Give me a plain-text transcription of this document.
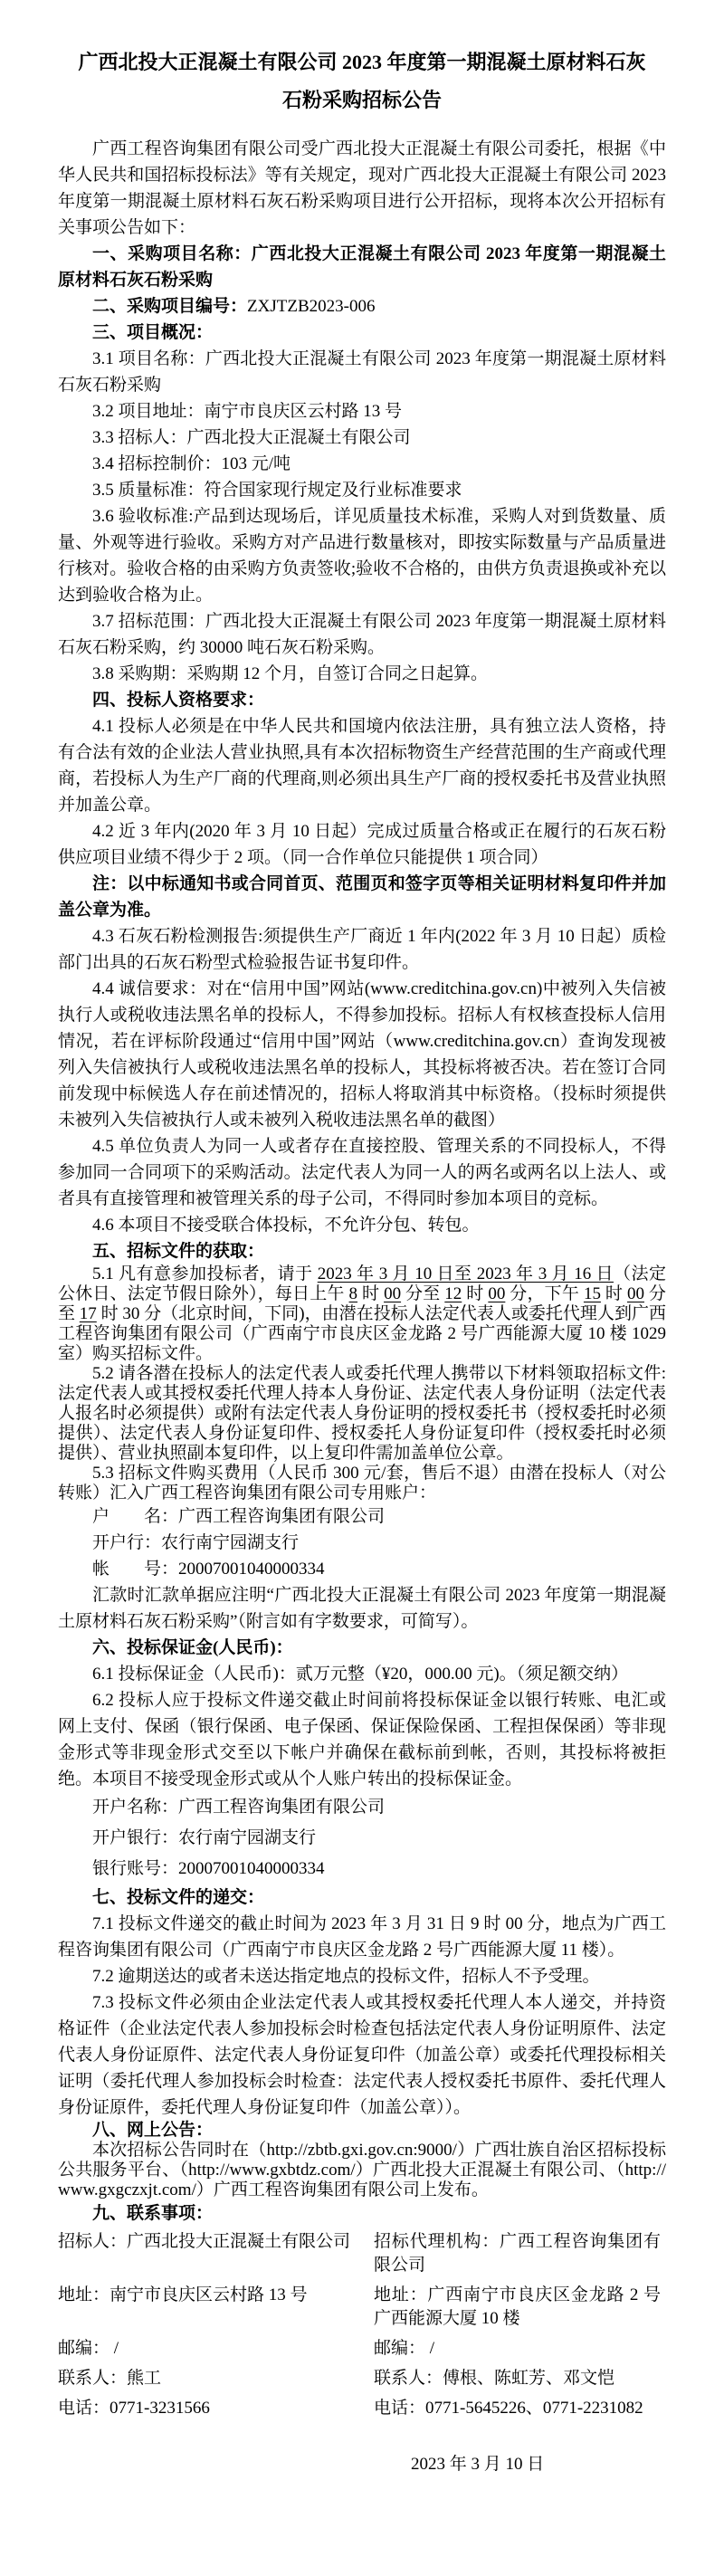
广西北投大正混凝土有限公司 2023 年度第一期混凝土原材料石灰石粉采购招标公告

广西工程咨询集团有限公司受广西北投大正混凝土有限公司委托，根据《中华人民共和国招标投标法》等有关规定，现对广西北投大正混凝土有限公司 2023 年度第一期混凝土原材料石灰石粉采购项目进行公开招标，现将本次公开招标有关事项公告如下：

一、采购项目名称：广西北投大正混凝土有限公司 2023 年度第一期混凝土原材料石灰石粉采购

二、采购项目编号：ZXJTZB2023-006

三、项目概况：

3.1 项目名称：广西北投大正混凝土有限公司 2023 年度第一期混凝土原材料石灰石粉采购

3.2 项目地址：南宁市良庆区云村路 13 号

3.3 招标人：广西北投大正混凝土有限公司

3.4 招标控制价：103 元/吨

3.5 质量标准：符合国家现行规定及行业标准要求

3.6 验收标准:产品到达现场后，详见质量技术标准，采购人对到货数量、质量、外观等进行验收。采购方对产品进行数量核对，即按实际数量与产品质量进行核对。验收合格的由采购方负责签收;验收不合格的，由供方负责退换或补充以达到验收合格为止。

3.7 招标范围：广西北投大正混凝土有限公司 2023 年度第一期混凝土原材料石灰石粉采购，约 30000 吨石灰石粉采购。

3.8 采购期：采购期 12 个月，自签订合同之日起算。

四、投标人资格要求：

4.1 投标人必须是在中华人民共和国境内依法注册，具有独立法人资格，持有合法有效的企业法人营业执照,具有本次招标物资生产经营范围的生产商或代理商，若投标人为生产厂商的代理商,则必须出具生产厂商的授权委托书及营业执照并加盖公章。

4.2 近 3 年内(2020 年 3 月 10 日起）完成过质量合格或正在履行的石灰石粉供应项目业绩不得少于 2 项。（同一合作单位只能提供 1 项合同）

注：以中标通知书或合同首页、范围页和签字页等相关证明材料复印件并加盖公章为准。

4.3 石灰石粉检测报告:须提供生产厂商近 1 年内(2022 年 3 月 10 日起）质检部门出具的石灰石粉型式检验报告证书复印件。

4.4 诚信要求：对在“信用中国”网站(www.creditchina.gov.cn)中被列入失信被执行人或税收违法黑名单的投标人，不得参加投标。招标人有权核查投标人信用情况，若在评标阶段通过“信用中国”网站（www.creditchina.gov.cn）查询发现被列入失信被执行人或税收违法黑名单的投标人，其投标将被否决。若在签订合同前发现中标候选人存在前述情况的，招标人将取消其中标资格。（投标时须提供未被列入失信被执行人或未被列入税收违法黑名单的截图）

4.5 单位负责人为同一人或者存在直接控股、管理关系的不同投标人，不得参加同一合同项下的采购活动。法定代表人为同一人的两名或两名以上法人、或者具有直接管理和被管理关系的母子公司，不得同时参加本项目的竞标。

4.6 本项目不接受联合体投标，不允许分包、转包。

五、招标文件的获取：

5.1 凡有意参加投标者，请于 2023 年 3 月 10 日至 2023 年 3 月 16 日（法定公休日、法定节假日除外），每日上午 8 时 00 分至 12 时 00 分，下午 15 时 00 分至 17 时 30 分（北京时间，下同)，由潜在投标人法定代表人或委托代理人到广西工程咨询集团有限公司（广西南宁市良庆区金龙路 2 号广西能源大厦 10 楼 1029 室）购买招标文件。

5.2 请各潜在投标人的法定代表人或委托代理人携带以下材料领取招标文件: 法定代表人或其授权委托代理人持本人身份证、法定代表人身份证明（法定代表人报名时必须提供）或附有法定代表人身份证明的授权委托书（授权委托时必须提供）、法定代表人身份证复印件、授权委托人身份证复印件（授权委托时必须提供）、营业执照副本复印件，以上复印件需加盖单位公章。

5.3 招标文件购买费用（人民币 300 元/套，售后不退）由潜在投标人（对公转账）汇入广西工程咨询集团有限公司专用账户：

户　　名：广西工程咨询集团有限公司

开户行：农行南宁园湖支行

帐　　号：20007001040000334

汇款时汇款单据应注明“广西北投大正混凝土有限公司 2023 年度第一期混凝土原材料石灰石粉采购”（附言如有字数要求，可简写）。

六、投标保证金(人民币)：

6.1 投标保证金（人民币)：贰万元整（¥20，000.00 元)。（须足额交纳）

6.2 投标人应于投标文件递交截止时间前将投标保证金以银行转账、电汇或网上支付、保函（银行保函、电子保函、保证保险保函、工程担保保函）等非现金形式等非现金形式交至以下帐户并确保在截标前到帐，否则，其投标将被拒绝。本项目不接受现金形式或从个人账户转出的投标保证金。

开户名称：广西工程咨询集团有限公司

开户银行：农行南宁园湖支行

银行账号：20007001040000334

七、投标文件的递交：

7.1 投标文件递交的截止时间为 2023 年 3 月 31 日 9 时 00 分，地点为广西工程咨询集团有限公司（广西南宁市良庆区金龙路 2 号广西能源大厦 11 楼）。

7.2 逾期送达的或者未送达指定地点的投标文件，招标人不予受理。

7.3 投标文件必须由企业法定代表人或其授权委托代理人本人递交，并持资格证件（企业法定代表人参加投标会时检查包括法定代表人身份证明原件、法定代表人身份证原件、法定代表人身份证复印件（加盖公章）或委托代理投标相关证明（委托代理人参加投标会时检查：法定代表人授权委托书原件、委托代理人身份证原件，委托代理人身份证复印件（加盖公章））。

八、网上公告：

本次招标公告同时在（http://zbtb.gxi.gov.cn:9000/）广西壮族自治区招标投标公共服务平台、（http://www.gxbtdz.com/）广西北投大正混凝土有限公司、（http://www.gxgczxjt.com/）广西工程咨询集团有限公司上发布。

九、联系事项：

招标人：广西北投大正混凝土有限公司	招标代理机构：广西工程咨询集团有限公司
地址：南宁市良庆区云村路 13 号	地址：广西南宁市良庆区金龙路 2 号广西能源大厦 10 楼
邮编： /	邮编： /
联系人：熊工	联系人：傅根、陈虹芳、邓文恺
电话：0771-3231566	电话：0771-5645226、0771-2231082
2023 年 3 月 10 日
